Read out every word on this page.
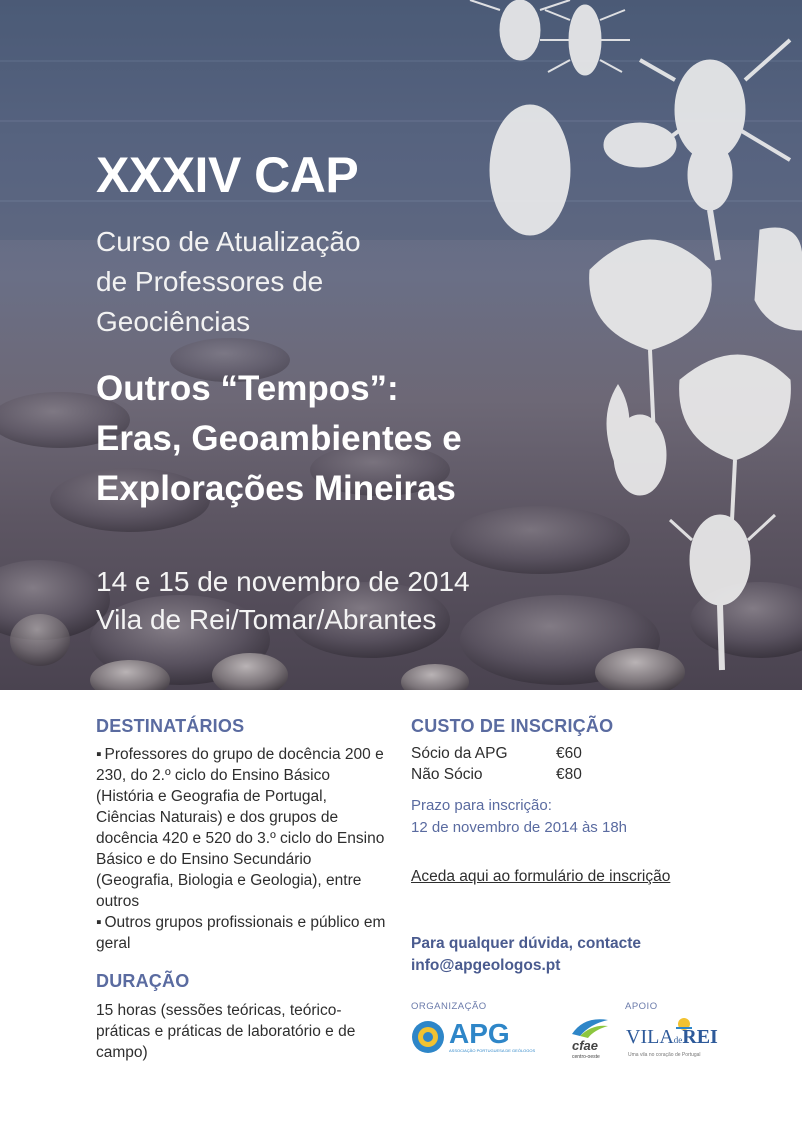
XXXIV CAP
Curso de Atualização
de Professores de
Geociências
Outros “Tempos”:
Eras, Geoambientes e
Explorações Mineiras
14 e 15 de novembro de 2014
Vila de Rei/Tomar/Abrantes
DESTINATÁRIOS
▪ Professores do grupo de docência 200 e 230, do 2.º ciclo do Ensino Básico (História e Geografia de Portugal, Ciências Naturais) e dos grupos de docência 420 e 520 do 3.º ciclo do Ensino Básico e do Ensino Secundário (Geografia, Biologia e Geologia), entre outros
▪ Outros grupos profissionais e público em geral
DURAÇÃO

15 horas (sessões teóricas, teórico-práticas e práticas de laboratório e de campo)

CUSTO DE INSCRIÇÃO

Sócio da APG	€60

Não Sócio	€80

Prazo para inscrição:
12 de novembro de 2014 às 18h
Aceda aqui ao formulário de inscrição
Para qualquer dúvida, contacte
info@apgeologos.pt

ORGANIZAÇÃO	APOIO

APG
ASSOCIAÇÃO PORTUGUESA DE GEÓLOGOS	cfae
centro-oeste
VILAdeREI
Uma vila no coração de Portugal
